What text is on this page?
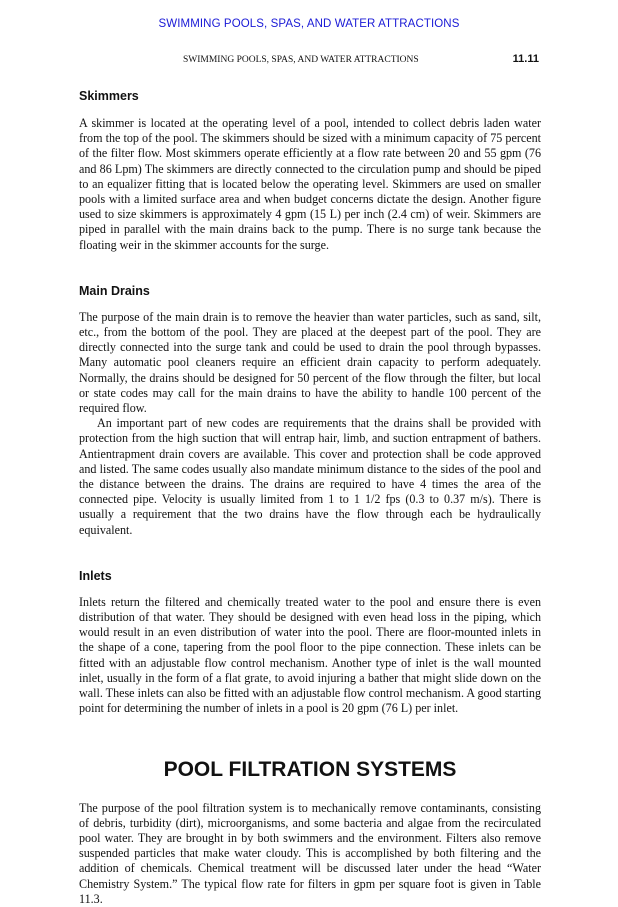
SWIMMING POOLS, SPAS, AND WATER ATTRACTIONS
SWIMMING POOLS, SPAS, AND WATER ATTRACTIONS	11.11
Skimmers

A skimmer is located at the operating level of a pool, intended to collect debris laden water from the top of the pool. The skimmers should be sized with a minimum capacity of 75 percent of the filter flow. Most skimmers operate efficiently at a flow rate between 20 and 55 gpm (76 and 86 Lpm) The skimmers are directly connected to the circulation pump and should be piped to an equalizer fitting that is located below the operating level. Skimmers are used on smaller pools with a limited surface area and when budget concerns dictate the design. Another figure used to size skimmers is approximately 4 gpm (15 L) per inch (2.4 cm) of weir. Skimmers are piped in parallel with the main drains back to the pump. There is no surge tank because the floating weir in the skimmer accounts for the surge.

Main Drains

The purpose of the main drain is to remove the heavier than water particles, such as sand, silt, etc., from the bottom of the pool. They are placed at the deepest part of the pool. They are directly connected into the surge tank and could be used to drain the pool through bypasses. Many automatic pool cleaners require an efficient drain capacity to perform adequately. Normally, the drains should be designed for 50 percent of the flow through the filter, but local or state codes may call for the main drains to have the ability to handle 100 percent of the required flow.

An important part of new codes are requirements that the drains shall be provided with protection from the high suction that will entrap hair, limb, and suction entrapment of bathers. Antientrapment drain covers are available. This cover and protection shall be code approved and listed. The same codes usually also mandate minimum distance to the sides of the pool and the distance between the drains. The drains are required to have 4 times the area of the connected pipe. Velocity is usually limited from 1 to 1 1/2 fps (0.3 to 0.37 m/s). There is usually a requirement that the two drains have the flow through each be hydraulically equivalent.

Inlets

Inlets return the filtered and chemically treated water to the pool and ensure there is even distribution of that water. They should be designed with even head loss in the piping, which would result in an even distribution of water into the pool. There are floor-mounted inlets in the shape of a cone, tapering from the pool floor to the pipe connection. These inlets can be fitted with an adjustable flow control mechanism. Another type of inlet is the wall mounted inlet, usually in the form of a flat grate, to avoid injuring a bather that might slide down on the wall. These inlets can also be fitted with an adjustable flow control mechanism. A good starting point for determining the number of inlets in a pool is 20 gpm (76 L) per inlet.

POOL FILTRATION SYSTEMS

The purpose of the pool filtration system is to mechanically remove contaminants, consisting of debris, turbidity (dirt), microorganisms, and some bacteria and algae from the recirculated pool water. They are brought in by both swimmers and the environment. Filters also remove suspended particles that make water cloudy. This is accomplished by both filtering and the addition of chemicals. Chemical treatment will be discussed later under the head “Water Chemistry System.” The typical flow rate for filters in gpm per square foot is given in Table 11.3.
